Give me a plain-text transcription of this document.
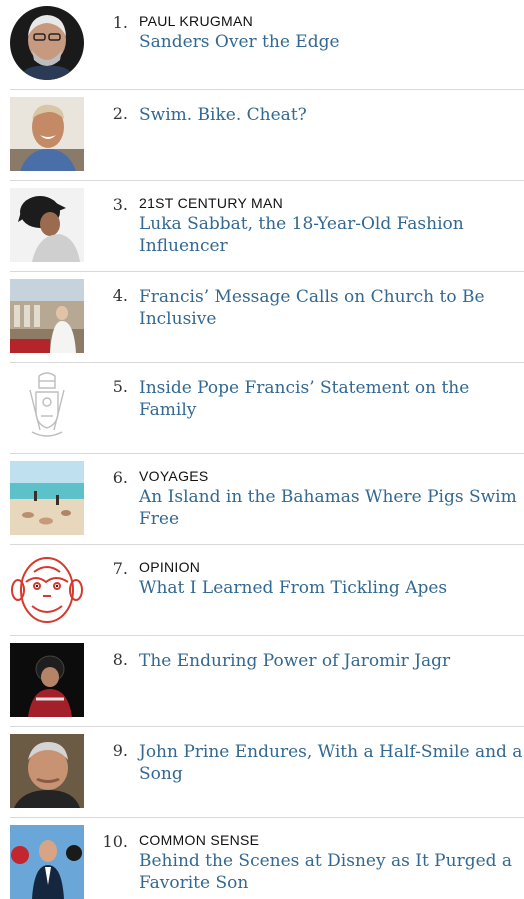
1. PAUL KRUGMAN
Sanders Over the Edge
2. Swim. Bike. Cheat?
3. 21ST CENTURY MAN
Luka Sabbat, the 18-Year-Old Fashion Influencer
4. Francis’ Message Calls on Church to Be Inclusive
5. Inside Pope Francis’ Statement on the Family
6. VOYAGES
An Island in the Bahamas Where Pigs Swim Free
7. OPINION
What I Learned From Tickling Apes
8. The Enduring Power of Jaromir Jagr
9. John Prine Endures, With a Half-Smile and a Song
10. COMMON SENSE
Behind the Scenes at Disney as It Purged a Favorite Son
